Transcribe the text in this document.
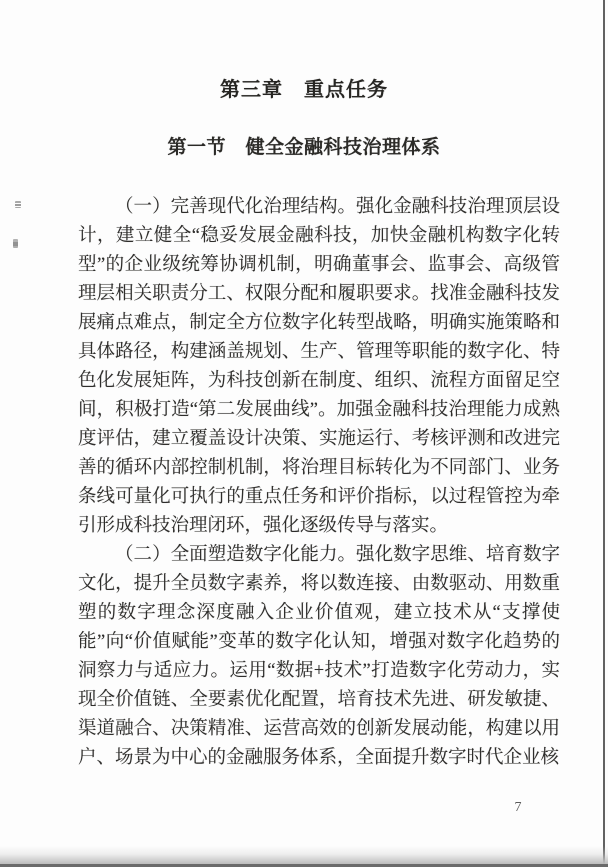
第三章　重点任务
第一节　健全金融科技治理体系

（一）完善现代化治理结构。强化金融科技治理顶层设计，建立健全“稳妥发展金融科技，加快金融机构数字化转型”的企业级统筹协调机制，明确董事会、监事会、高级管理层相关职责分工、权限分配和履职要求。找准金融科技发展痛点难点，制定全方位数字化转型战略，明确实施策略和具体路径，构建涵盖规划、生产、管理等职能的数字化、特色化发展矩阵，为科技创新在制度、组织、流程方面留足空间，积极打造“第二发展曲线”。加强金融科技治理能力成熟度评估，建立覆盖设计决策、实施运行、考核评测和改进完善的循环内部控制机制，将治理目标转化为不同部门、业务条线可量化可执行的重点任务和评价指标，以过程管控为牵引形成科技治理闭环，强化逐级传导与落实。

（二）全面塑造数字化能力。强化数字思维、培育数字文化，提升全员数字素养，将以数连接、由数驱动、用数重塑的数字理念深度融入企业价值观，建立技术从“支撑使能”向“价值赋能”变革的数字化认知，增强对数字化趋势的洞察力与适应力。运用“数据+技术”打造数字化劳动力，实现全价值链、全要素优化配置，培育技术先进、研发敏捷、渠道融合、决策精准、运营高效的创新发展动能，构建以用户、场景为中心的金融服务体系，全面提升数字时代企业核

7
